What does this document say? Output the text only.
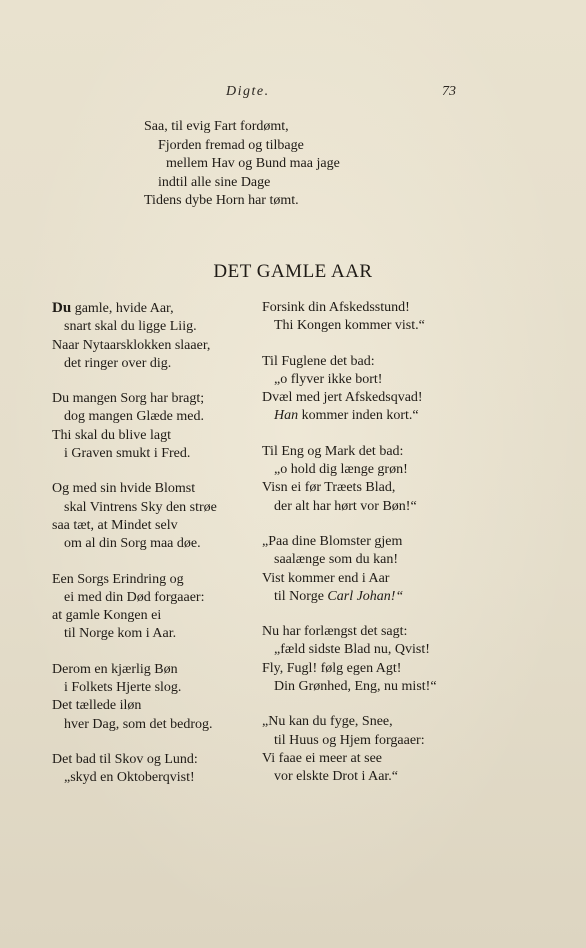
Digte.	73
Saa, til evig Fart fordømt,
Fjorden fremad og tilbage
mellem Hav og Bund maa jage
indtil alle sine Dage
Tidens dybe Horn har tømt.
DET GAMLE AAR
Du gamle, hvide Aar,
snart skal du ligge Liig.
Naar Nytaarsklokken slaaer,
det ringer over dig.
Du mangen Sorg har bragt;
dog mangen Glæde med.
Thi skal du blive lagt
i Graven smukt i Fred.
Og med sin hvide Blomst
skal Vintrens Sky den strøe
saa tæt, at Mindet selv
om al din Sorg maa døe.
Een Sorgs Erindring og
ei med din Død forgaaer:
at gamle Kongen ei
til Norge kom i Aar.
Derom en kjærlig Bøn
i Folkets Hjerte slog.
Det tællede iløn
hver Dag, som det bedrog.
Det bad til Skov og Lund:
„skyd en Oktoberqvist!
Forsink din Afskedsstund!
Thi Kongen kommer vist.“
Til Fuglene det bad:
„o flyver ikke bort!
Dvæl med jert Afskedsqvad!
Han kommer inden kort.“
Til Eng og Mark det bad:
„o hold dig længe grøn!
Visn ei før Træets Blad,
der alt har hørt vor Bøn!“
„Paa dine Blomster gjem
saalænge som du kan!
Vist kommer end i Aar
til Norge Carl Johan!“
Nu har forlængst det sagt:
„fæld sidste Blad nu, Qvist!
Fly, Fugl! følg egen Agt!
Din Grønhed, Eng, nu mist!“
„Nu kan du fyge, Snee,
til Huus og Hjem forgaaer:
Vi faae ei meer at see
vor elskte Drot i Aar.“
